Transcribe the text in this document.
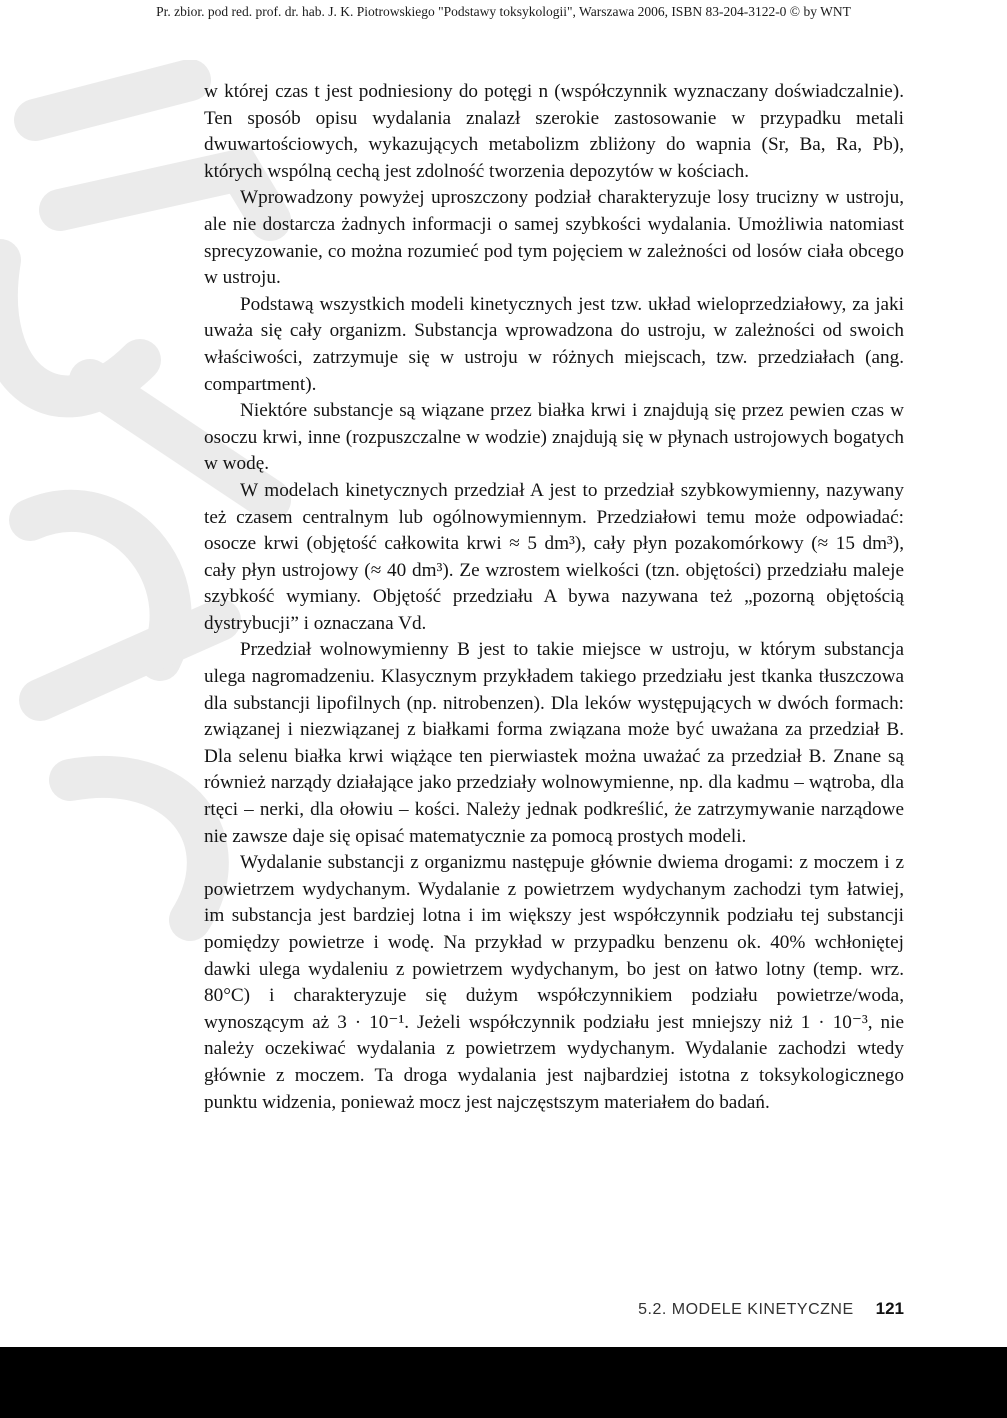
Pr. zbior. pod red. prof. dr. hab. J. K. Piotrowskiego "Podstawy toksykologii", Warszawa 2006, ISBN 83-204-3122-0 © by WNT

w której czas t jest podniesiony do potęgi n (współczynnik wyznaczany doświadczalnie). Ten sposób opisu wydalania znalazł szerokie zastosowanie w przypadku metali dwuwartościowych, wykazujących metabolizm zbliżony do wapnia (Sr, Ba, Ra, Pb), których wspólną cechą jest zdolność tworzenia depozytów w kościach.

Wprowadzony powyżej uproszczony podział charakteryzuje losy trucizny w ustroju, ale nie dostarcza żadnych informacji o samej szybkości wydalania. Umożliwia natomiast sprecyzowanie, co można rozumieć pod tym pojęciem w zależności od losów ciała obcego w ustroju.

Podstawą wszystkich modeli kinetycznych jest tzw. układ wieloprzedziałowy, za jaki uważa się cały organizm. Substancja wprowadzona do ustroju, w zależności od swoich właściwości, zatrzymuje się w ustroju w różnych miejscach, tzw. przedziałach (ang. compartment).

Niektóre substancje są wiązane przez białka krwi i znajdują się przez pewien czas w osoczu krwi, inne (rozpuszczalne w wodzie) znajdują się w płynach ustrojowych bogatych w wodę.

W modelach kinetycznych przedział A jest to przedział szybkowymienny, nazywany też czasem centralnym lub ogólnowymiennym. Przedziałowi temu może odpowiadać: osocze krwi (objętość całkowita krwi ≈ 5 dm³), cały płyn pozakomórkowy (≈ 15 dm³), cały płyn ustrojowy (≈ 40 dm³). Ze wzrostem wielkości (tzn. objętości) przedziału maleje szybkość wymiany. Objętość przedziału A bywa nazywana też „pozorną objętością dystrybucji” i oznaczana Vd.

Przedział wolnowymienny B jest to takie miejsce w ustroju, w którym substancja ulega nagromadzeniu. Klasycznym przykładem takiego przedziału jest tkanka tłuszczowa dla substancji lipofilnych (np. nitrobenzen). Dla leków występujących w dwóch formach: związanej i niezwiązanej z białkami forma związana może być uważana za przedział B. Dla selenu białka krwi wiążące ten pierwiastek można uważać za przedział B. Znane są również narządy działające jako przedziały wolnowymienne, np. dla kadmu – wątroba, dla rtęci – nerki, dla ołowiu – kości. Należy jednak podkreślić, że zatrzymywanie narządowe nie zawsze daje się opisać matematycznie za pomocą prostych modeli.

Wydalanie substancji z organizmu następuje głównie dwiema drogami: z moczem i z powietrzem wydychanym. Wydalanie z powietrzem wydychanym zachodzi tym łatwiej, im substancja jest bardziej lotna i im większy jest współczynnik podziału tej substancji pomiędzy powietrze i wodę. Na przykład w przypadku benzenu ok. 40% wchłoniętej dawki ulega wydaleniu z powietrzem wydychanym, bo jest on łatwo lotny (temp. wrz. 80°C) i charakteryzuje się dużym współczynnikiem podziału powietrze/woda, wynoszącym aż 3 · 10⁻¹. Jeżeli współczynnik podziału jest mniejszy niż 1 · 10⁻³, nie należy oczekiwać wydalania z powietrzem wydychanym. Wydalanie zachodzi wtedy głównie z moczem. Ta droga wydalania jest najbardziej istotna z toksykologicznego punktu widzenia, ponieważ mocz jest najczęstszym materiałem do badań.

5.2. MODELE KINETYCZNE 121
